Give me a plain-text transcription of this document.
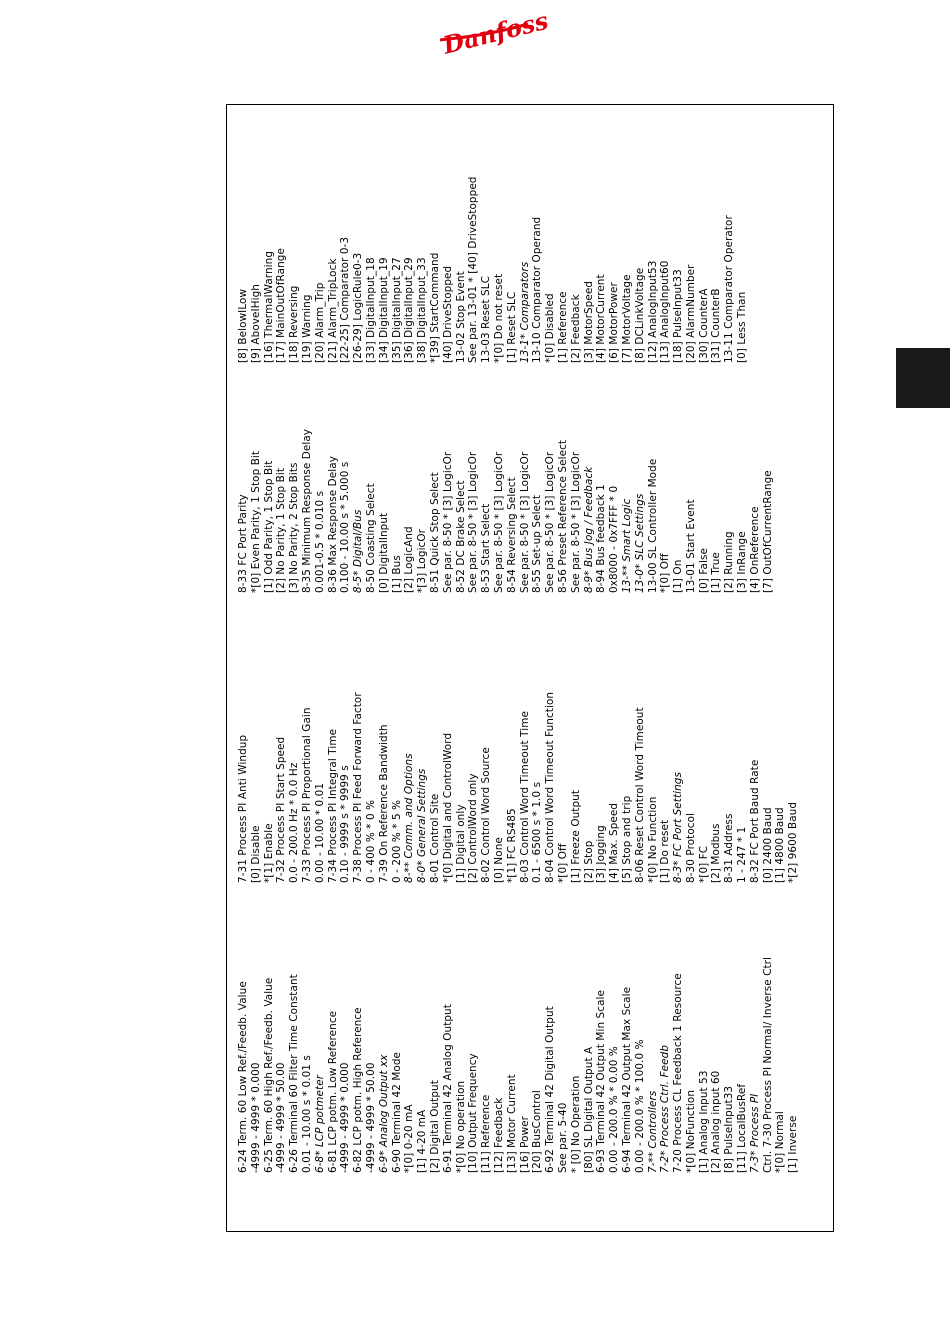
Danfoss
6-24 Term. 60 Low Ref./Feedb. Value -4999 - 4999 * 0.000 6-25 Term. 60 High Ref./Feedb. Value -4999 - 4999 * 50.00 6-26 Terminal 60 Filter Time Constant 0.01 - 10.00 s * 0.01 s 6-8* LCP potmeter 6-81 LCP potm. Low Reference -4999 - 4999 * 0.000 6-82 LCP potm. High Reference -4999 - 4999 * 50.00 6-9* Analog Output xx 6-90 Terminal 42 Mode *[0] 0-20 mA [1] 4-20 mA [2] Digital Output 6-91 Terminal 42 Analog Output *[0] No operation [10] Output Frequency [11] Reference [12] Feedback [13] Motor Current [16] Power [20] BusControl 6-92 Terminal 42 Digital Output See par. 5-40 * [0] No Operation [80] SL Digital Output A 6-93 Terminal 42 Output Min Scale 0.00 - 200.0 % * 0.00 % 6-94 Terminal 42 Output Max Scale 0.00 - 200.0 % * 100.0 % 7-** Controllers 7-2* Process Ctrl. Feedb 7-20 Process CL Feedback 1 Resource *[0] NoFunction [1] Analog Input 53 [2] Analog input 60 [8] PulseInput33 [11] LocalBusRef 7-3* Process PI Ctrl. 7-30 Process PI Normal/ Inverse Ctrl *[0] Normal [1] Inverse
7-31 Process PI Anti Windup [0] Disable *[1] Enable 7-32 Process PI Start Speed 0.0 - 200.0 Hz * 0.0 Hz 7-33 Process PI Proportional Gain 0.00 - 10.00 * 0.01 7-34 Process PI Integral Time 0.10 - 9999 s * 9999 s 7-38 Process PI Feed Forward Factor 0 - 400 % * 0 % 7-39 On Reference Bandwidth 0 - 200 % * 5 % 8-** Comm. and Options 8-0* General Settings 8-01 Control Site *[0] Digital and ControlWord [1] Digital only [2] ControlWord only 8-02 Control Word Source [0] None *[1] FC RS485 8-03 Control Word Timeout Time 0.1 - 6500 s * 1.0 s 8-04 Control Word Timeout Function *[0] Off [1] Freeze Output [2] Stop [3] Jogging [4] Max. Speed [5] Stop and trip 8-06 Reset Control Word Timeout *[0] No Function [1] Do reset 8-3* FC Port Settings 8-30 Protocol *[0] FC [2] Modbus 8-31 Address 1 - 247 * 1 8-32 FC Port Baud Rate [0] 2400 Baud [1] 4800 Baud *[2] 9600 Baud
8-33 FC Port Parity *[0] Even Parity, 1 Stop Bit [1] Odd Parity, 1 Stop Bit [2] No Parity, 1 Stop Bit [3] No Parity, 2 Stop Bits 8-35 Minimum Response Delay 0.001-0.5 * 0.010 s 8-36 Max Response Delay 0.100 - 10.00 s * 5.000 s 8-5* Digital/Bus 8-50 Coasting Select [0] DigitalInput [1] Bus [2] LogicAnd *[3] LogicOr 8-51 Quick Stop Select See par. 8-50 * [3] LogicOr 8-52 DC Brake Select See par. 8-50 * [3] LogicOr 8-53 Start Select See par. 8-50 * [3] LogicOr 8-54 Reversing Select See par. 8-50 * [3] LogicOr 8-55 Set-up Select See par. 8-50 * [3] LogicOr 8-56 Preset Reference Select See par. 8-50 * [3] LogicOr 8-9* Bus Jog / Feedback 8-94 Bus feedback 1 0x8000 - 0x7FFF * 0 13-** Smart Logic 13-0* SLC Settings 13-00 SL Controller Mode *[0] Off [1] On 13-01 Start Event [0] False [1] True [2] Running [3] InRange [4] OnReference [7] OutOfCurrentRange
[8] BelowILow [9] AboveIHigh [16] ThermalWarning [17] MainOutOfRange [18] Reversing [19] Warning [20] Alarm_Trip [21] Alarm_TripLock [22-25] Comparator 0-3 [26-29] LogicRule0-3 [33] DigitalInput_18 [34] DigitalInput_19 [35] DigitalInput_27 [36] DigitalInput_29 [38] DigitalInput_33 *[39] StartCommand [40] DriveStopped 13-02 Stop Event See par. 13-01 * [40] DriveStopped 13-03 Reset SLC *[0] Do not reset [1] Reset SLC 13-1* Comparators 13-10 Comparator Operand *[0] Disabled [1] Reference [2] Feedback [3] MotorSpeed [4] MotorCurrent [6] MotorPower [7] MotorVoltage [8] DCLinkVoltage [12] AnalogInput53 [13] AnalogInput60 [18] PulseInput33 [20] AlarmNumber [30] CounterA [31] CounterB 13-11 Comparator Operator [0] Less Than
